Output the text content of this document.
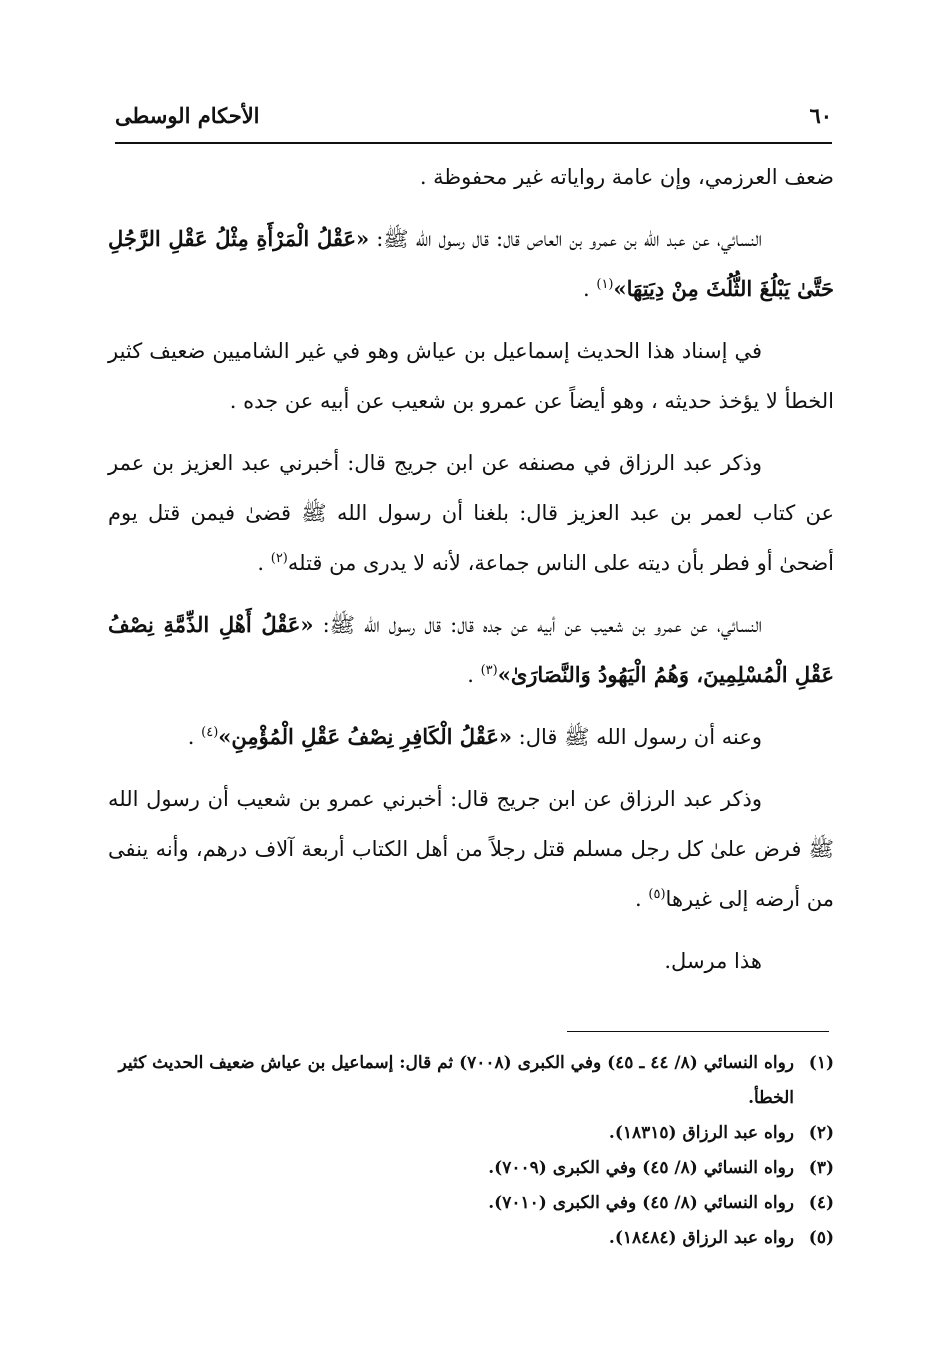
٦٠
الأحكام الوسطى

ضعف العرزمي، وإن عامة رواياته غير محفوظة .

النسائي، عن عبد الله بن عمرو بن العاص قال: قال رسول الله ﷺ: «عَقْلُ الْمَرْأَةِ مِثْلُ عَقْلِ الرَّجُلِ حَتَّىٰ يَبْلُغَ الثُّلُثَ مِنْ دِيَتِهَا»$^{(١)}$ .

في إسناد هذا الحديث إسماعيل بن عياش وهو في غير الشاميين ضعيف كثير الخطأ لا يؤخذ حديثه ، وهو أيضاً عن عمرو بن شعيب عن أبيه عن جده .

وذكر عبد الرزاق في مصنفه عن ابن جريج قال: أخبرني عبد العزيز بن عمر عن كتاب لعمر بن عبد العزيز قال: بلغنا أن رسول الله ﷺ قضىٰ فيمن قتل يوم أضحىٰ أو فطر بأن ديته على الناس جماعة، لأنه لا يدرى من قتله$^{(٢)}$ .

النسائي، عن عمرو بن شعيب عن أبيه عن جده قال: قال رسول الله ﷺ: «عَقْلُ أَهْلِ الذِّمَّةِ نِصْفُ عَقْلِ الْمُسْلِمِينَ، وَهُمُ الْيَهُودُ وَالنَّصَارَىٰ»$^{(٣)}$ .

وعنه أن رسول الله ﷺ قال: «عَقْلُ الْكَافِرِ نِصْفُ عَقْلِ الْمُؤْمِنِ»$^{(٤)}$ .

وذكر عبد الرزاق عن ابن جريج قال: أخبرني عمرو بن شعيب أن رسول الله ﷺ فرض علىٰ كل رجل مسلم قتل رجلاً من أهل الكتاب أربعة آلاف درهم، وأنه ينفى من أرضه إلى غيرها$^{(٥)}$ .

هذا مرسل.

(١)
رواه النسائي (٨/ ٤٤ ـ ٤٥) وفي الكبرى (٧٠٠٨) ثم قال: إسماعيل بن عياش ضعيف الحديث كثير الخطأ.
(٢)
رواه عبد الرزاق (١٨٣١٥).
(٣)
رواه النسائي (٨/ ٤٥) وفي الكبرى (٧٠٠٩).
(٤)
رواه النسائي (٨/ ٤٥) وفي الكبرى (٧٠١٠).
(٥)
رواه عبد الرزاق (١٨٤٨٤).
